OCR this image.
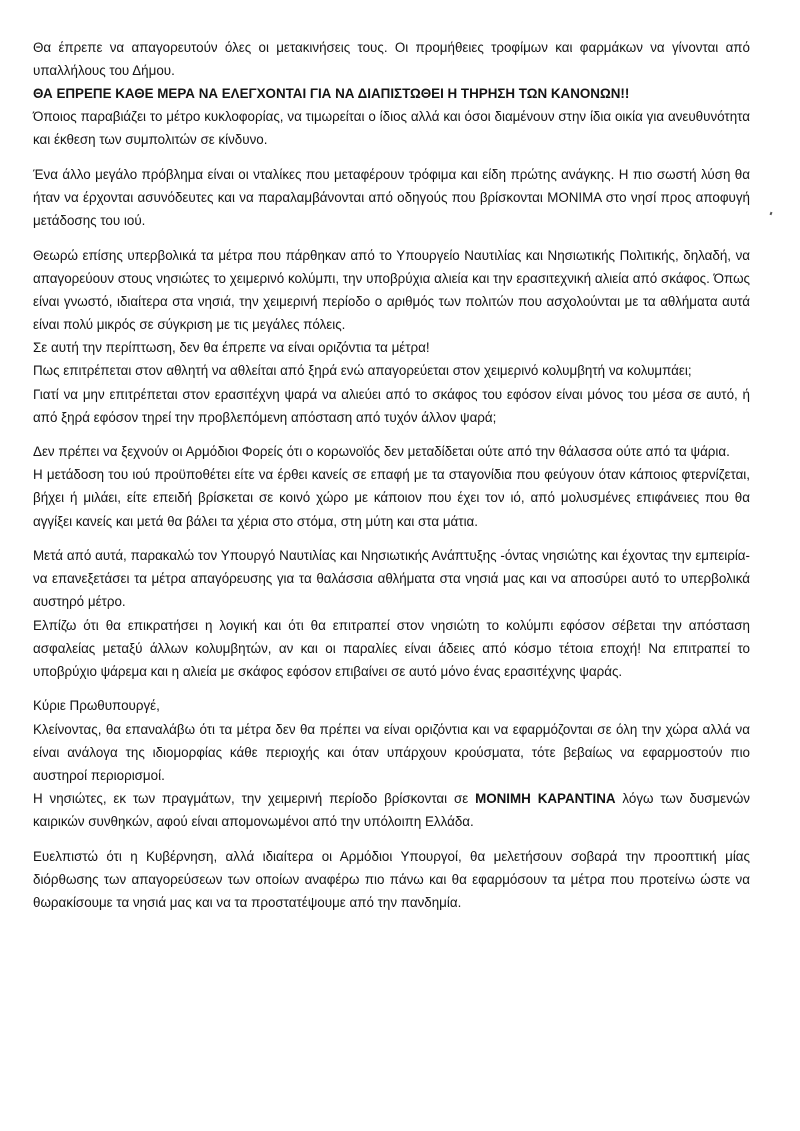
Θα έπρεπε να απαγορευτούν όλες οι μετακινήσεις τους. Οι προμήθειες τροφίμων και φαρμάκων να γίνονται από υπαλλήλους του Δήμου.
ΘΑ ΕΠΡΕΠΕ ΚΑΘΕ ΜΕΡΑ ΝΑ ΕΛΕΓΧΟΝΤΑΙ ΓΙΑ ΝΑ ΔΙΑΠΙΣΤΩΘΕΙ Η ΤΗΡΗΣΗ ΤΩΝ ΚΑΝΟΝΩΝ!!
Όποιος παραβιάζει το μέτρο κυκλοφορίας, να τιμωρείται ο ίδιος αλλά και όσοι διαμένουν στην ίδια οικία για ανευθυνότητα και έκθεση των συμπολιτών σε κίνδυνο.
Ένα άλλο μεγάλο πρόβλημα είναι οι νταλίκες που μεταφέρουν τρόφιμα και είδη πρώτης ανάγκης. Η πιο σωστή λύση θα ήταν να έρχονται ασυνόδευτες και να παραλαμβάνονται από οδηγούς που βρίσκονται ΜΟΝΙΜΑ στο νησί προς αποφυγή μετάδοσης του ιού.
Θεωρώ επίσης υπερβολικά τα μέτρα που πάρθηκαν από το Υπουργείο Ναυτιλίας και Νησιωτικής Πολιτικής, δηλαδή, να απαγορεύουν στους νησιώτες το χειμερινό κολύμπι, την υποβρύχια αλιεία και την ερασιτεχνική αλιεία από σκάφος. Όπως είναι γνωστό, ιδιαίτερα στα νησιά, την χειμερινή περίοδο ο αριθμός των πολιτών που ασχολούνται με τα αθλήματα αυτά είναι πολύ μικρός σε σύγκριση με τις μεγάλες πόλεις.
Σε αυτή την περίπτωση, δεν θα έπρεπε να είναι οριζόντια τα μέτρα!
Πως επιτρέπεται στον αθλητή να αθλείται από ξηρά ενώ απαγορεύεται στον χειμερινό κολυμβητή να κολυμπάει;
Γιατί να μην επιτρέπεται στον ερασιτέχνη ψαρά να αλιεύει από το σκάφος του εφόσον είναι μόνος του μέσα σε αυτό, ή από ξηρά εφόσον τηρεί την προβλεπόμενη απόσταση από τυχόν άλλον ψαρά;
Δεν πρέπει να ξεχνούν οι Αρμόδιοι Φορείς ότι ο κορωνοϊός δεν μεταδίδεται ούτε από την θάλασσα ούτε από τα ψάρια.
Η μετάδοση του ιού προϋποθέτει είτε να έρθει κανείς σε επαφή με τα σταγονίδια που φεύγουν όταν κάποιος φτερνίζεται, βήχει ή μιλάει, είτε επειδή βρίσκεται σε κοινό χώρο με κάποιον που έχει τον ιό, από μολυσμένες επιφάνειες που θα αγγίξει κανείς και μετά θα βάλει τα χέρια στο στόμα, στη μύτη και στα μάτια.
Μετά από αυτά, παρακαλώ τον Υπουργό Ναυτιλίας και Νησιωτικής Ανάπτυξης -όντας νησιώτης και έχοντας την εμπειρία- να επανεξετάσει τα μέτρα απαγόρευσης για τα θαλάσσια αθλήματα στα νησιά μας και να αποσύρει αυτό το υπερβολικά αυστηρό μέτρο.
Ελπίζω ότι θα επικρατήσει η λογική και ότι θα επιτραπεί στον νησιώτη το κολύμπι εφόσον σέβεται την απόσταση ασφαλείας μεταξύ άλλων κολυμβητών, αν και οι παραλίες είναι άδειες από κόσμο τέτοια εποχή! Να επιτραπεί το υποβρύχιο ψάρεμα και η αλιεία με σκάφος εφόσον επιβαίνει σε αυτό μόνο ένας ερασιτέχνης ψαράς.
Κύριε Πρωθυπουργέ,
Κλείνοντας, θα επαναλάβω ότι τα μέτρα δεν θα πρέπει να είναι οριζόντια και να εφαρμόζονται σε όλη την χώρα αλλά να είναι ανάλογα της ιδιομορφίας κάθε περιοχής και όταν υπάρχουν κρούσματα, τότε βεβαίως να εφαρμοστούν πιο αυστηροί περιορισμοί.
Η νησιώτες, εκ των πραγμάτων, την χειμερινή περίοδο βρίσκονται σε ΜΟΝΙΜΗ ΚΑΡΑΝΤΙΝΑ λόγω των δυσμενών καιρικών συνθηκών, αφού είναι απομονωμένοι από την υπόλοιπη Ελλάδα.
Ευελπιστώ ότι η Κυβέρνηση, αλλά ιδιαίτερα οι Αρμόδιοι Υπουργοί, θα μελετήσουν σοβαρά την προοπτική μίας διόρθωσης των απαγορεύσεων των οποίων αναφέρω πιο πάνω και θα εφαρμόσουν τα μέτρα που προτείνω ώστε να θωρακίσουμε τα νησιά μας και να τα προστατέψουμε από την πανδημία.
